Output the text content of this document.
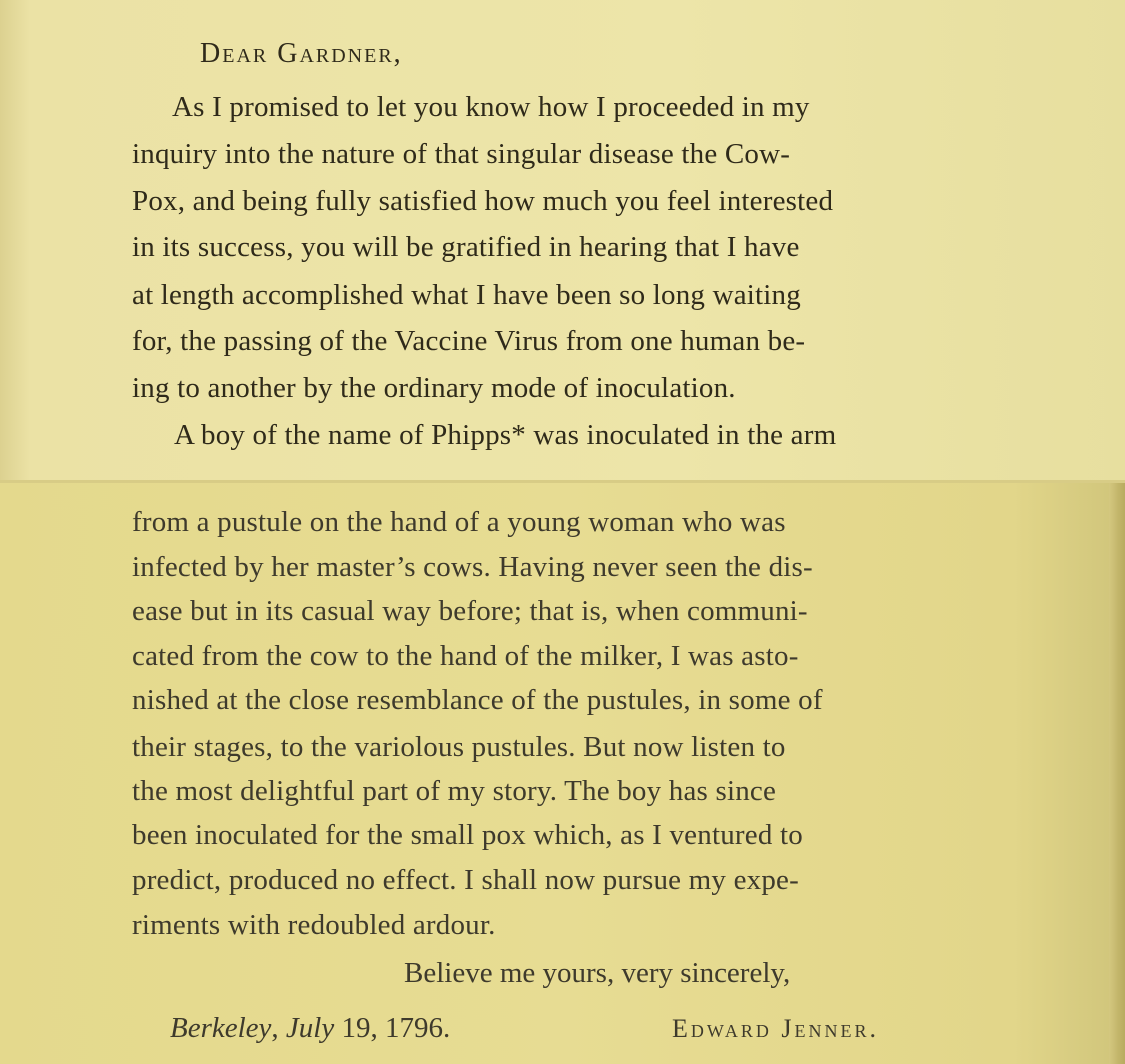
Dear Gardner,
As I promised to let you know how I proceeded in my
inquiry into the nature of that singular disease the Cow-
Pox, and being fully satisfied how much you feel interested
in its success, you will be gratified in hearing that I have
at length accomplished what I have been so long waiting
for, the passing of the Vaccine Virus from one human be-
ing to another by the ordinary mode of inoculation.
A boy of the name of Phipps* was inoculated in the arm
from a pustule on the hand of a young woman who was
infected by her master’s cows. Having never seen the dis-
ease but in its casual way before; that is, when communi-
cated from the cow to the hand of the milker, I was asto-
nished at the close resemblance of the pustules, in some of
their stages, to the variolous pustules. But now listen to
the most delightful part of my story. The boy has since
been inoculated for the small pox which, as I ventured to
predict, produced no effect. I shall now pursue my expe-
riments with redoubled ardour.
Believe me yours, very sincerely,
Berkeley, July 19, 1796.	Edward Jenner.
